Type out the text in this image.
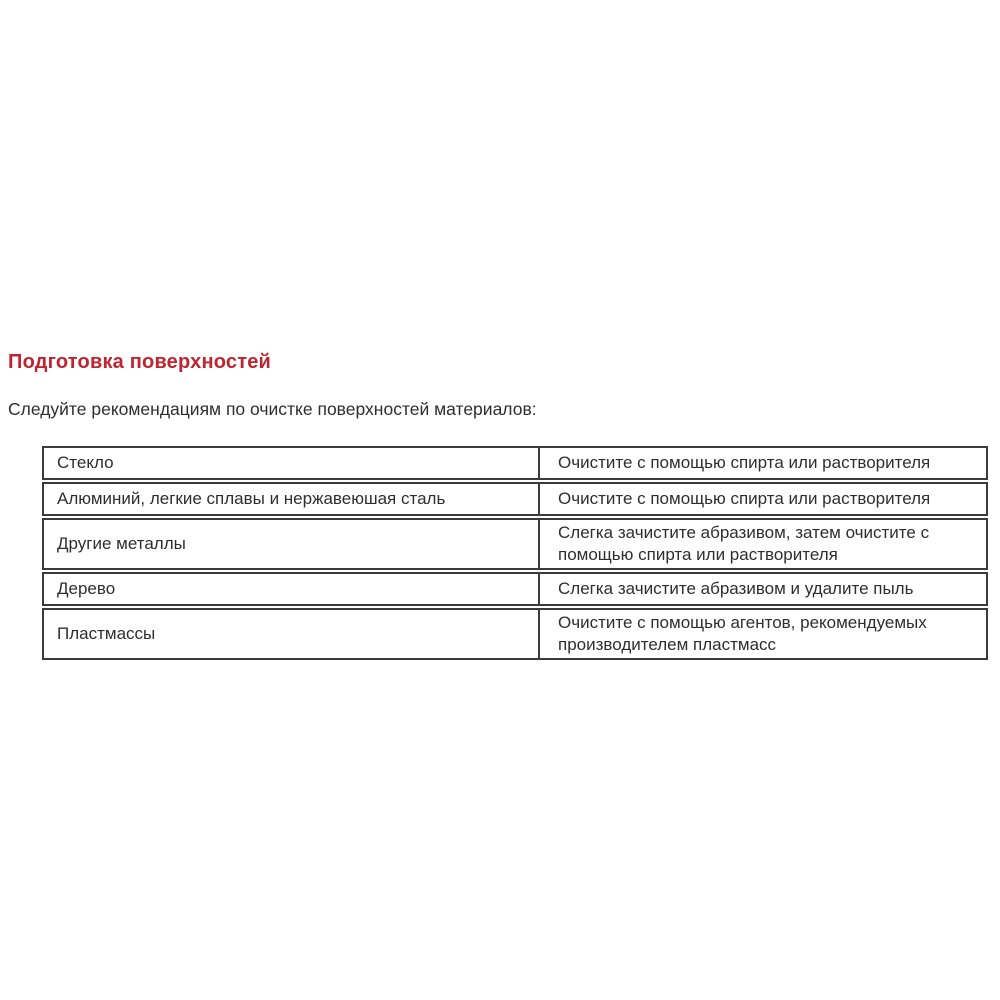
Подготовка поверхностей

Следуйте рекомендациям по очистке поверхностей материалов:

Стекло	Очистите с помощью спирта или растворителя
Алюминий, легкие сплавы и нержавеюшая сталь	Очистите с помощью спирта или растворителя
Другие металлы	Слегка зачистите абразивом, затем очистите с помощью спирта или растворителя
Дерево	Слегка зачистите абразивом и удалите пыль
Пластмассы	Очистите с помощью агентов, рекомендуемых производителем пластмасс
